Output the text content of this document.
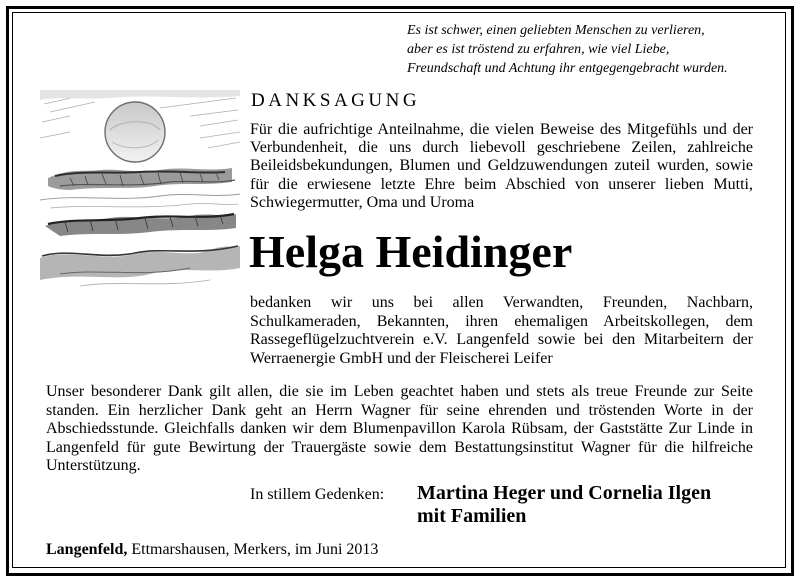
Es ist schwer, einen geliebten Menschen zu verlieren,
aber es ist tröstend zu erfahren, wie viel Liebe,
Freundschaft und Achtung ihr entgegengebracht wurden.
DANKSAGUNG
Für die aufrichtige Anteilnahme, die vielen Beweise des Mitgefühls und der Verbundenheit, die uns durch liebevoll geschriebene Zeilen, zahlreiche Beileidsbekundungen, Blumen und Geldzuwendungen zuteil wurden, sowie für die erwiesene letzte Ehre beim Abschied von unserer lieben Mutti, Schwiegermutter, Oma und Uroma
Helga Heidinger
bedanken wir uns bei allen Verwandten, Freunden, Nachbarn, Schulkameraden, Bekannten, ihren ehemaligen Arbeitskollegen, dem Rassegeflügelzuchtverein e.V. Langenfeld sowie bei den Mitarbeitern der Werraenergie GmbH und der Fleischerei Leifer
Unser besonderer Dank gilt allen, die sie im Leben geachtet haben und stets als treue Freunde zur Seite standen. Ein herzlicher Dank geht an Herrn Wagner für seine ehrenden und tröstenden Worte in der Abschiedsstunde. Gleichfalls danken wir dem Blumenpavillon Karola Rübsam, der Gaststätte Zur Linde in Langenfeld für gute Bewirtung der Trauergäste sowie dem Bestattungsinstitut Wagner für die hilfreiche Unterstützung.
In stillem Gedenken: Martina Heger und Cornelia Ilgen
mit Familien
Langenfeld, Ettmarshausen, Merkers, im Juni 2013
